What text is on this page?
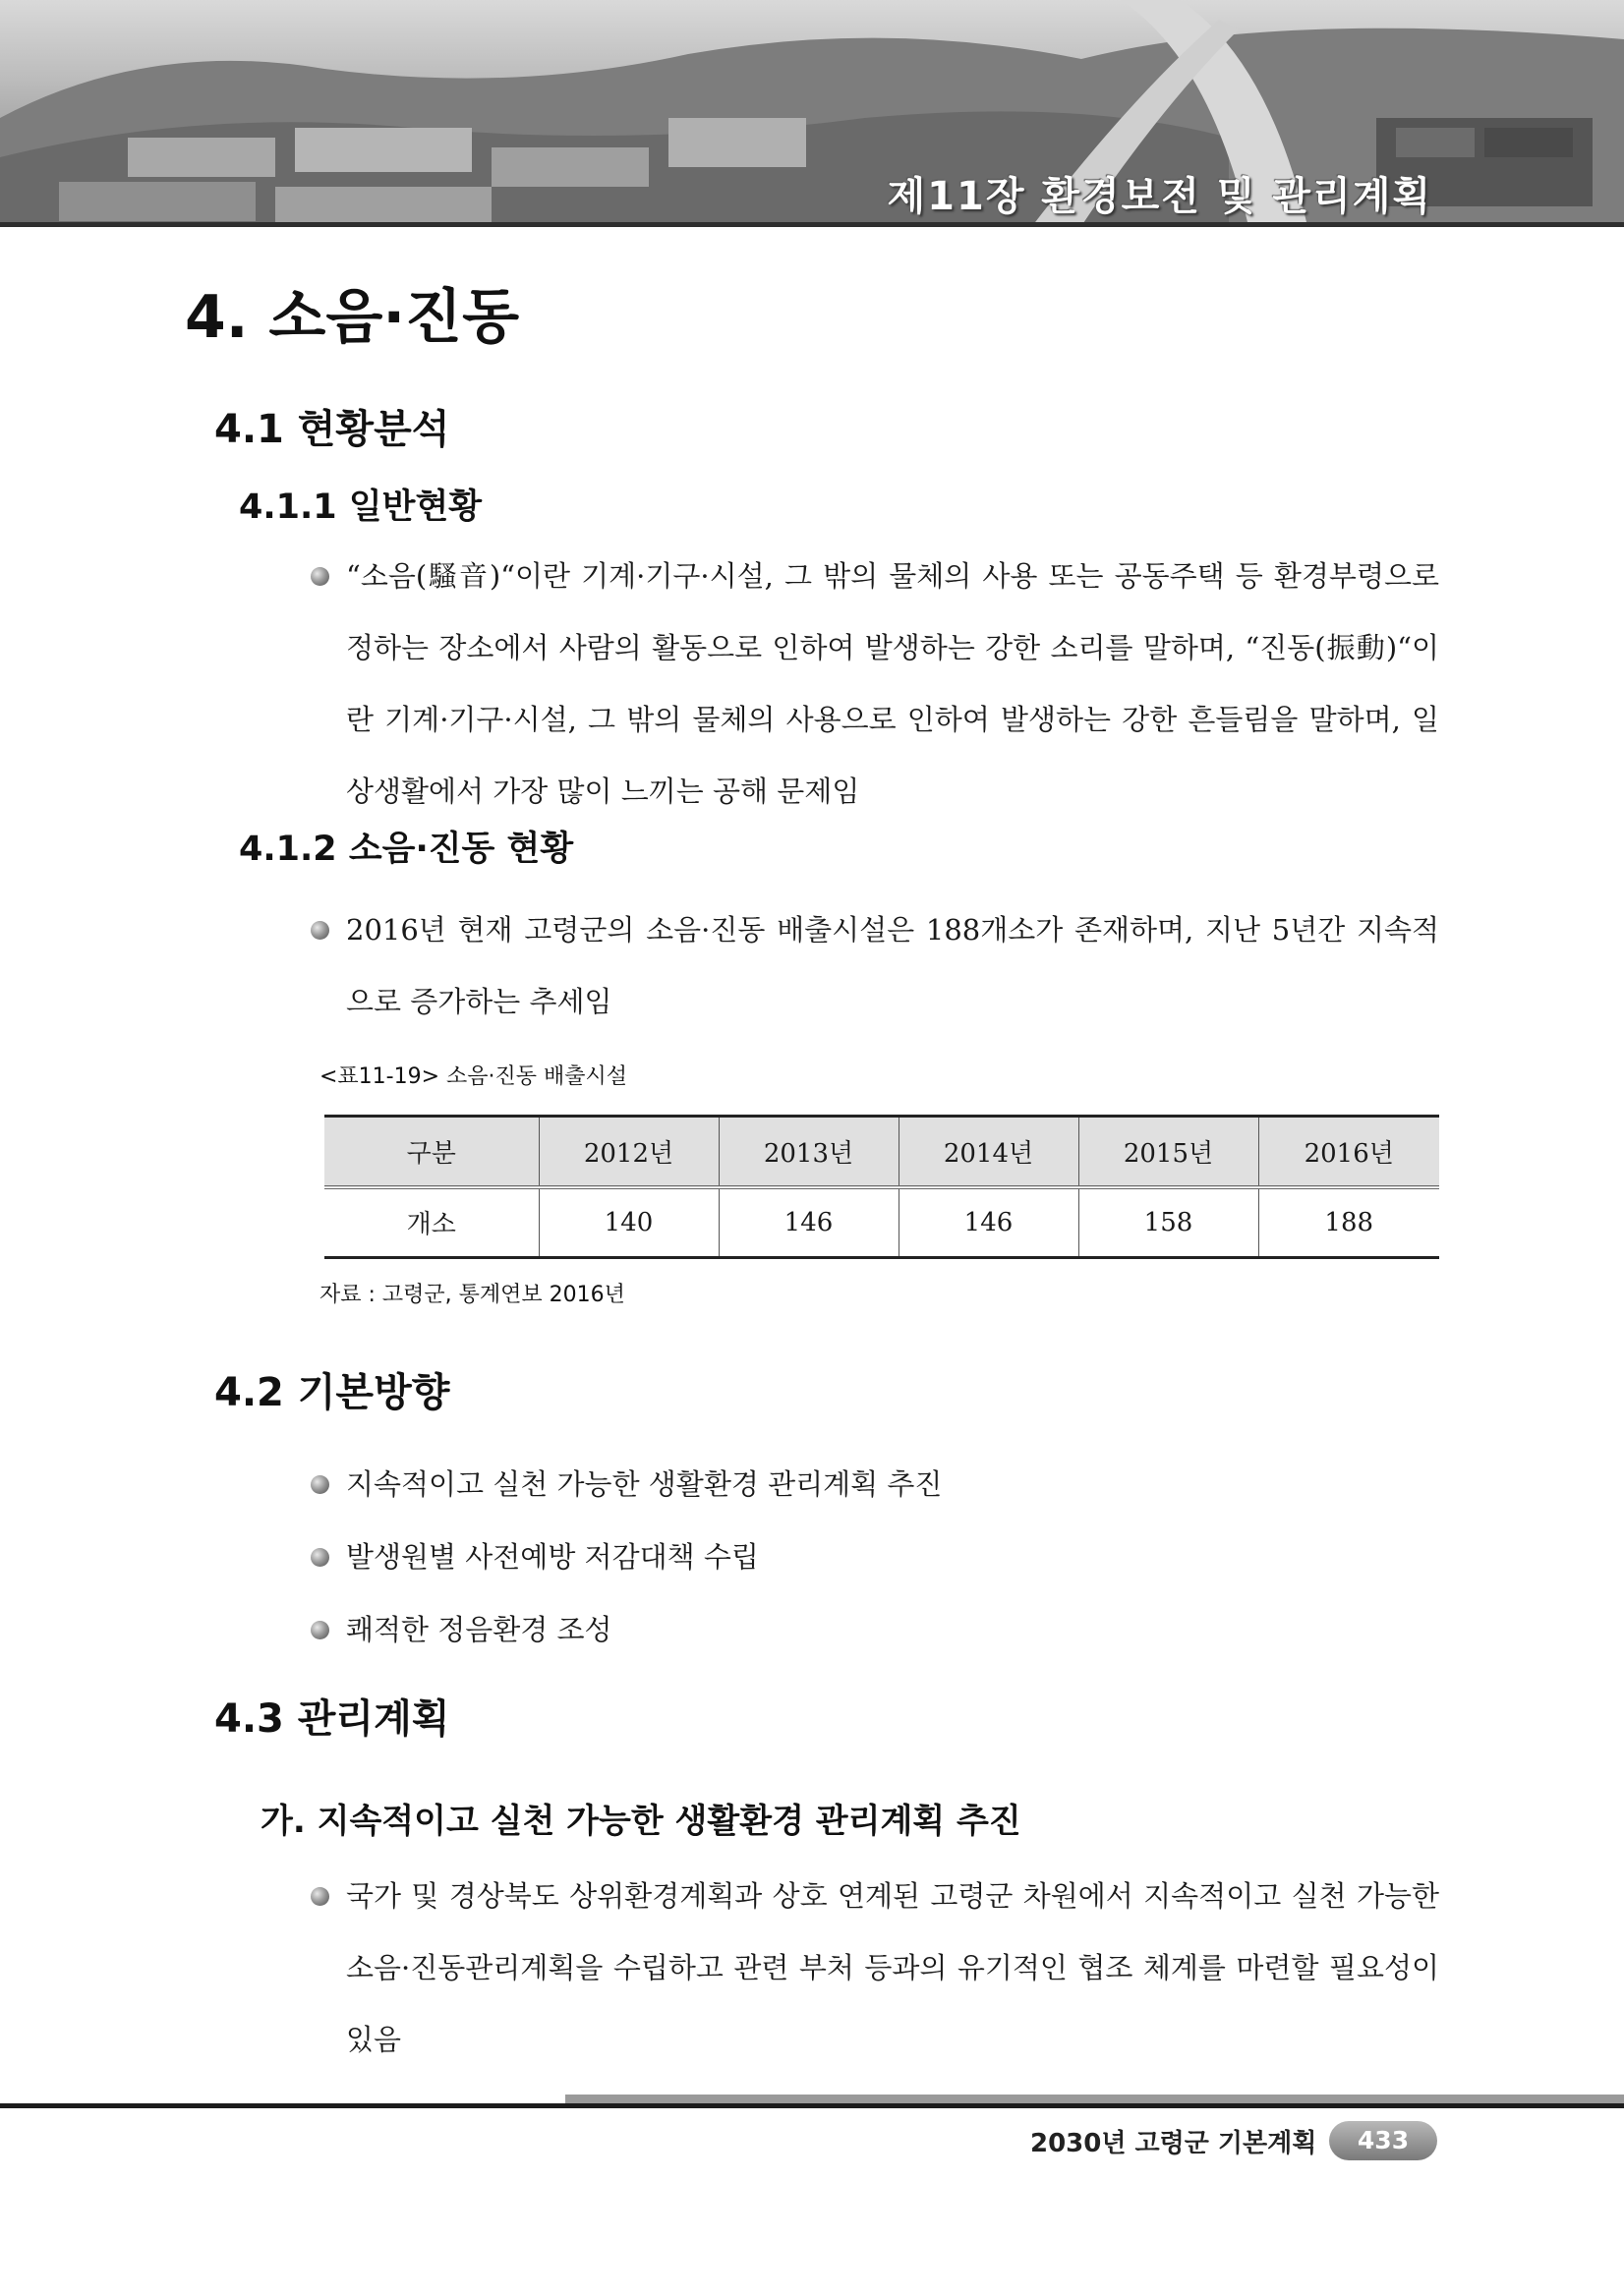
제11장 환경보전 및 관리계획
4. 소음·진동
4.1 현황분석
4.1.1 일반현황
“소음(騷音)“이란 기계·기구·시설, 그 밖의 물체의 사용 또는 공동주택 등 환경부령으로 정하는 장소에서 사람의 활동으로 인하여 발생하는 강한 소리를 말하며, “진동(振動)“이란 기계·기구·시설, 그 밖의 물체의 사용으로 인하여 발생하는 강한 흔들림을 말하며, 일상생활에서 가장 많이 느끼는 공해 문제임
4.1.2 소음·진동 현황
2016년 현재 고령군의 소음·진동 배출시설은 188개소가 존재하며, 지난 5년간 지속적으로 증가하는 추세임
<표11-19> 소음·진동 배출시설
구분	2012년	2013년	2014년	2015년	2016년
개소	140	146	146	158	188
자료 : 고령군, 통계연보 2016년
4.2 기본방향
지속적이고 실천 가능한 생활환경 관리계획 추진
발생원별 사전예방 저감대책 수립
쾌적한 정음환경 조성
4.3 관리계획
가. 지속적이고 실천 가능한 생활환경 관리계획 추진
국가 및 경상북도 상위환경계획과 상호 연계된 고령군 차원에서 지속적이고 실천 가능한 소음·진동관리계획을 수립하고 관련 부처 등과의 유기적인 협조 체계를 마련할 필요성이 있음
2030년 고령군 기본계획	433
